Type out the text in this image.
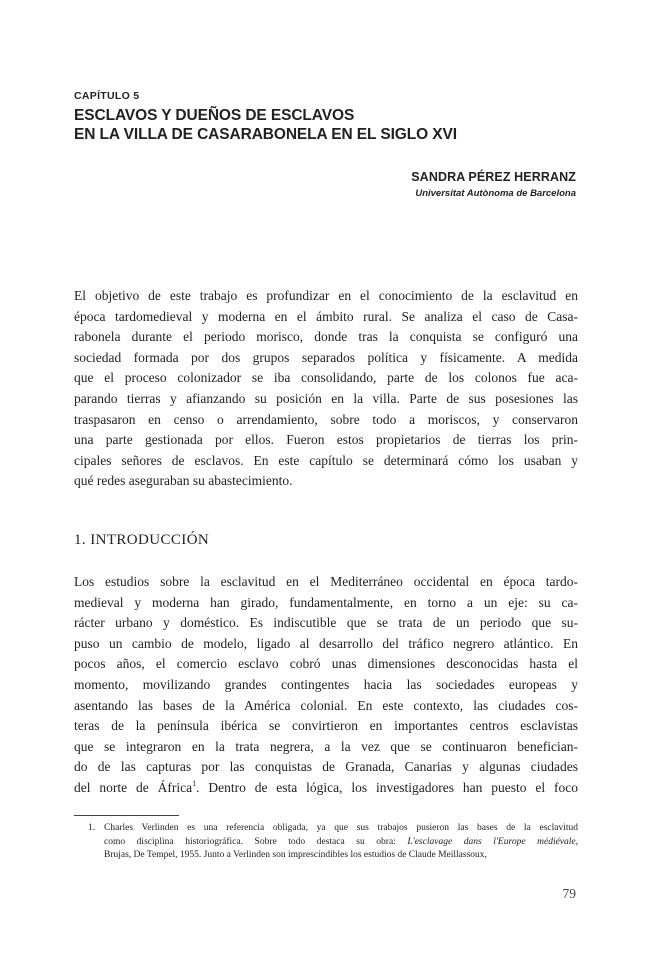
CAPÍTULO 5
ESCLAVOS Y DUEÑOS DE ESCLAVOS
EN LA VILLA DE CASARABONELA EN EL SIGLO XVI
SANDRA PÉREZ HERRANZ
Universitat Autònoma de Barcelona
El objetivo de este trabajo es profundizar en el conocimiento de la esclavitud en
época tardomedieval y moderna en el ámbito rural. Se analiza el caso de Casa-
rabonela durante el periodo morisco, donde tras la conquista se configuró una
sociedad formada por dos grupos separados política y físicamente. A medida
que el proceso colonizador se iba consolidando, parte de los colonos fue aca-
parando tierras y afianzando su posición en la villa. Parte de sus posesiones las
traspasaron en censo o arrendamiento, sobre todo a moriscos, y conservaron
una parte gestionada por ellos. Fueron estos propietarios de tierras los prin-
cipales señores de esclavos. En este capítulo se determinará cómo los usaban y
qué redes aseguraban su abastecimiento.
1. INTRODUCCIÓN
Los estudios sobre la esclavitud en el Mediterráneo occidental en época tardo-
medieval y moderna han girado, fundamentalmente, en torno a un eje: su ca-
rácter urbano y doméstico. Es indiscutible que se trata de un periodo que su-
puso un cambio de modelo, ligado al desarrollo del tráfico negrero atlántico. En
pocos años, el comercio esclavo cobró unas dimensiones desconocidas hasta el
momento, movilizando grandes contingentes hacia las sociedades europeas y
asentando las bases de la América colonial. En este contexto, las ciudades cos-
teras de la península ibérica se convirtieron en importantes centros esclavistas
que se integraron en la trata negrera, a la vez que se continuaron benefician-
do de las capturas por las conquistas de Granada, Canarias y algunas ciudades
del norte de África$^1$. Dentro de esta lógica, los investigadores han puesto el foco
1. Charles Verlinden es una referencia obligada, ya que sus trabajos pusieron las bases de la esclavitud
como disciplina historiográfica. Sobre todo destaca su obra: L'esclavage dans l'Europe médiévale,
Brujas, De Tempel, 1955. Junto a Verlinden son imprescindibles los estudios de Claude Meillassoux,
79
